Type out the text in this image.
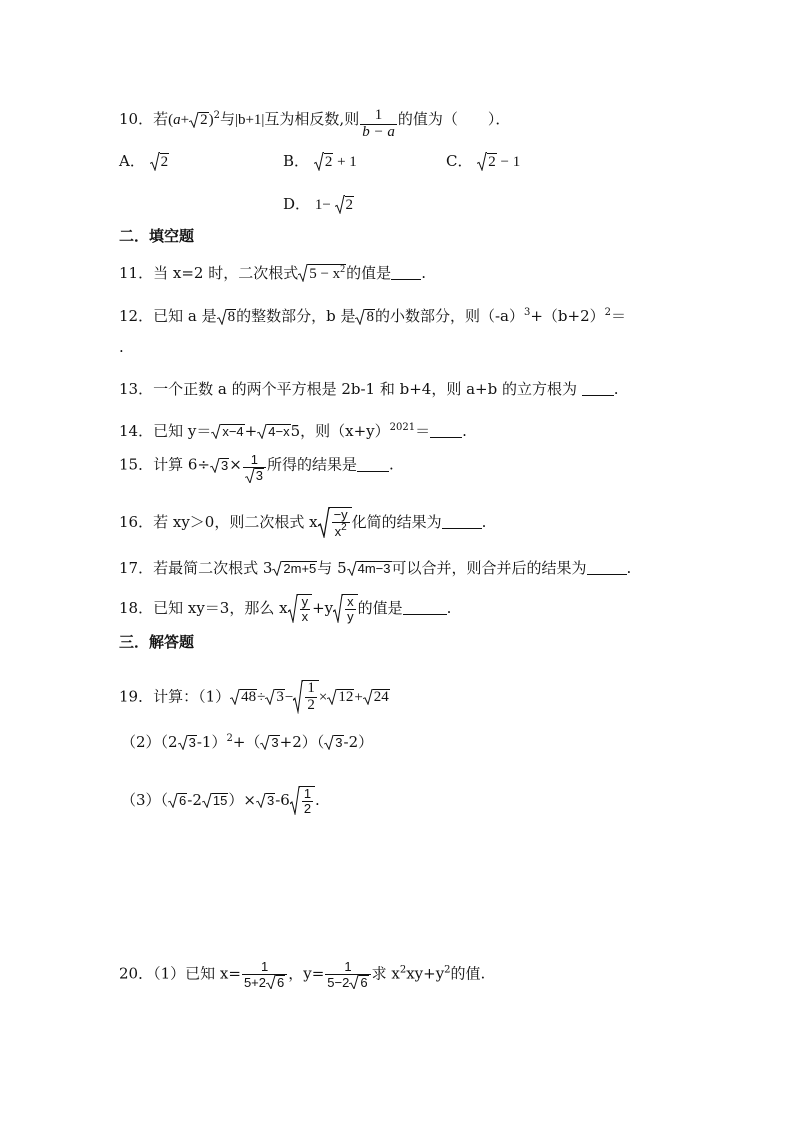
10．若$(a+ 2)^2$与|b+1|互为相反数,则 $\frac{1}{b - a}$ 的值为（　　）．
A． 2	B． 2 + 1	C． 2 − 1
D． 1−
2
二．填空题
11．当 x=2 时，二次根式 $5 - x^2$的值是 .
12．已知 a 是 8的整数部分，b 是 8的小数部分，则$(-a)^3+(b+2)^2=$
.
13．一个正数 a 的两个平方根是 2b-1 和 b+4，则 a+b 的立方根为 .
14．已知 y＝ x−4+ 4−x5，则$(x+y)^{2021}=$ .
15．计算 $6\div 3\times \frac{1}{3}$ 所得的结果是 .
16．若 xy＞0，则二次根式 x $\frac{-y}{x^2}$ 化简的结果为	.
17．若最简二次根式 3 2m+5与 5 4m−3可以合并，则合并后的结果为	.
18．已知 xy＝3，那么 x $\frac{y}{x} +y \frac{x}{y}$ 的值是	.
三．解答题
19．计算：（1） $48\div 3- \frac{1}{2} \times 12+ 24$
（2）（2 3-1）$^2$+（ 3+2）（ 3-2）
（3）（ 6-2 $15)\times 3-6 \frac{1}{2}$ .
20．（1）已知 $x= \frac{1}{5+2 6}$ ，$y= \frac{1}{5-2 6}$ 求 $x^2xy+y^2$的值.
